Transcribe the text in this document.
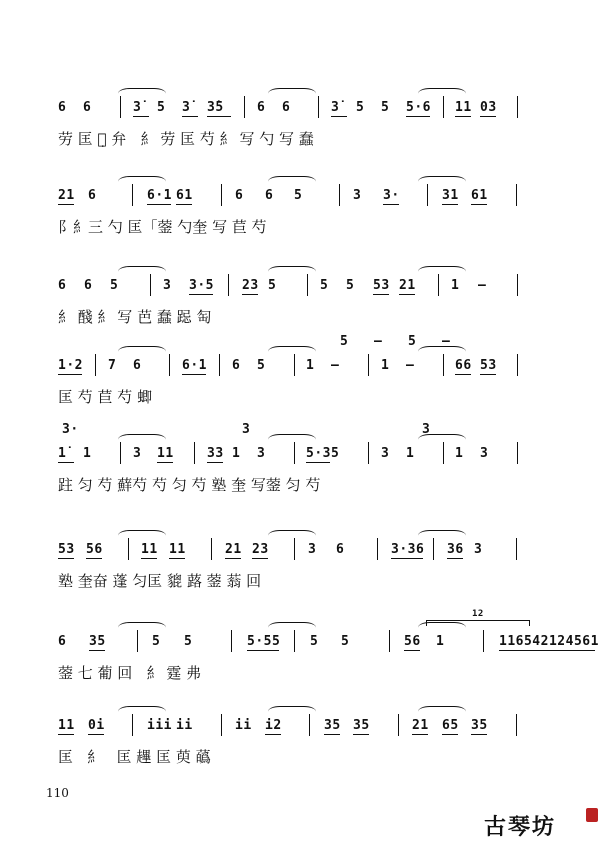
6 6	3̇ 5 3̇ 3̇5	6 6	3̇ 5 5 5·6 11 03
劳 匡 芍̣ 弁   ⺯ 劳 匡 芍 ⺯ 写 勺 写 蠢
21 6	6·1 61	6 6 5	3 3·	31 61
阝⺯三 勺 匡「蓥 勺奎 写 苣 芍
6 6 5	3 3·5 23 5	5 5 53 21	1 –
⺯ 醆 ⺯ 写 芭 蠢 跽 匋
1·2 7 6	6·1 6 5	1 –	1 –	66 53
5 – 5 –
匡 芍 苣 芍 蝍
1̇ 1	3 11	33 1 3	5·3 5	3 1	1 3
3·	3	3
跓 匀 芍 蘚芍 芍 匀 芍 塾 奎 写蓥 匀 芍
53 56	11 11	21 23	3 6	3·36 36 3
塾 奎奋 蓬 匀匡 貔 蕗 蓥 蓊 回
6 35	5 5	5·55 5 5	56 1	116542124561
12
蓥 七 葡 回   ⺯ 霆 弗
11 0i	iii ii	ii i2	35 35	21 65 35
匡   ⺯   匡 䟆 匡 萸 蘤
110
古琴坊
